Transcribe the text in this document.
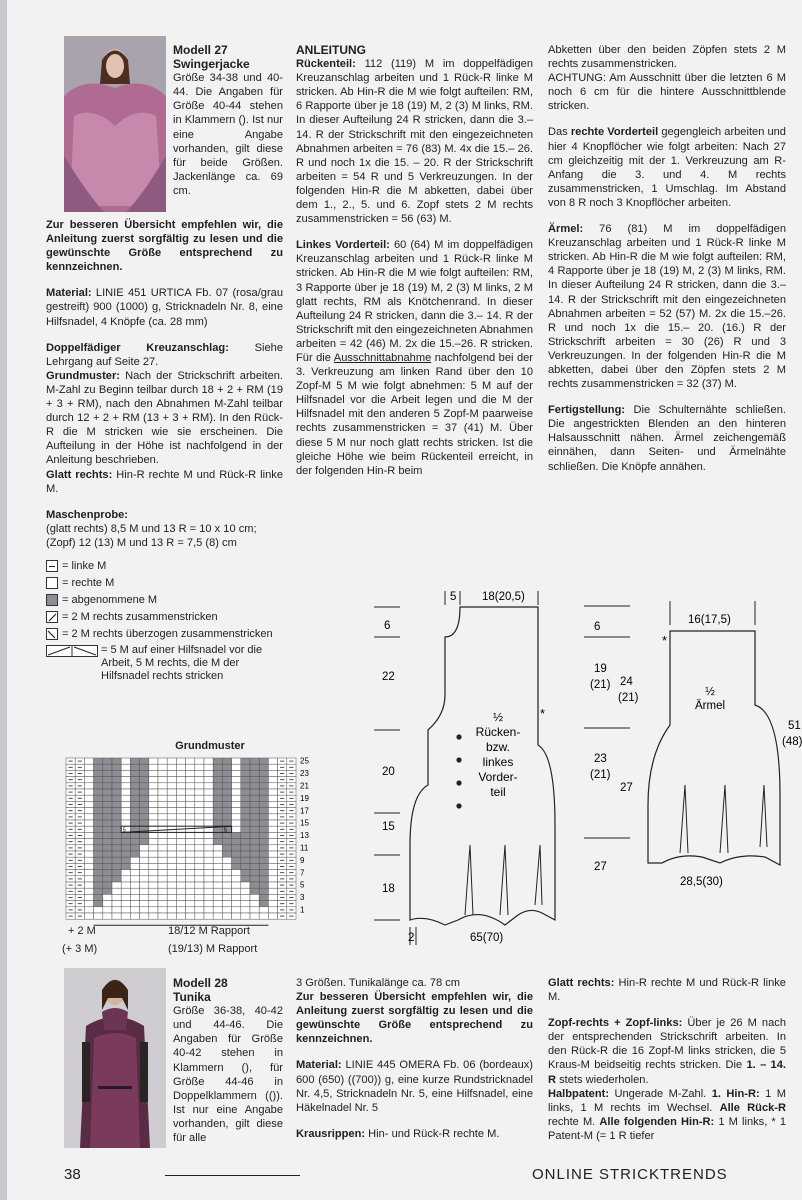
Modell 27
Swingerjacke
Größe 34-38 und 40-44. Die Angaben für Größe 40-44 stehen in Klammern (). Ist nur eine Angabe vorhanden, gilt diese für beide Größen. Jackenlänge ca. 69 cm.

Zur besseren Übersicht empfehlen wir, die Anleitung zuerst sorgfältig zu lesen und die gewünschte Größe entsprechend zu kennzeichnen.

Material: LINIE 451 URTICA Fb. 07 (rosa/grau gestreift) 900 (1000) g, Stricknadeln Nr. 8, eine Hilfsnadel, 4 Knöpfe (ca. 28 mm)

Doppelfädiger Kreuzanschlag: Siehe Lehrgang auf Seite 27.

Grundmuster: Nach der Strickschrift arbeiten. M-Zahl zu Beginn teilbar durch 18 + 2 + RM (19 + 3 + RM), nach den Abnahmen M-Zahl teilbar durch 12 + 2 + RM (13 + 3 + RM). In den Rück-R die M stricken wie sie erscheinen. Die Aufteilung in der Höhe ist nachfolgend in der Anleitung beschrieben.

Glatt rechts: Hin-R rechte M und Rück-R linke M.

Maschenprobe:
(glatt rechts) 8,5 M und 13 R = 10 x 10 cm; (Zopf) 12 (13) M und 13 R = 7,5 (8) cm

= linke M
= rechte M
= abgenommene M
= 2 M rechts zusammenstricken
= 2 M rechts überzogen zusammenstricken
= 5 M auf einer Hilfsnadel vor die Arbeit, 5 M rechts, die M der Hilfsnadel rechts stricken
Grundmuster
5	5
25
23
21
19
17
15
13
11
9
7
5
3
1
+ 2 M	18/12 M Rapport
(+ 3 M)	(19/13) M Rapport
ANLEITUNG

Rückenteil: 112 (119) M im doppelfädigen Kreuzanschlag arbeiten und 1 Rück-R linke M stricken. Ab Hin-R die M wie folgt aufteilen: RM, 6 Rapporte über je 18 (19) M, 2 (3) M links, RM. In dieser Aufteilung 24 R stricken, dann die 3.– 14. R der Strickschrift mit den eingezeichneten Abnahmen arbeiten = 76 (83) M. 4x die 15.– 26. R und noch 1x die 15. – 20. R der Strickschrift arbeiten = 54 R und 5 Verkreuzungen. In der folgenden Hin-R die M abketten, dabei über dem 1., 2., 5. und 6. Zopf stets 2 M rechts zusammenstricken = 56 (63) M.

Linkes Vorderteil: 60 (64) M im doppelfädigen Kreuzanschlag arbeiten und 1 Rück-R linke M stricken. Ab Hin-R die M wie folgt aufteilen: RM, 3 Rapporte über je 18 (19) M, 2 (3) M links, 2 M glatt rechts, RM als Knötchenrand. In dieser Aufteilung 24 R stricken, dann die 3.– 14. R der Strickschrift mit den eingezeichneten Abnahmen arbeiten = 42 (46) M. 2x die 15.–26. R stricken. Für die Ausschnittabnahme nachfolgend bei der 3. Verkreuzung am linken Rand über den 10 Zopf-M 5 M wie folgt abnehmen: 5 M auf der Hilfsnadel vor die Arbeit legen und die M der Hilfsnadel mit den anderen 5 Zopf-M paarweise rechts zusammenstricken = 37 (41) M. Über diese 5 M nur noch glatt rechts stricken. Ist die gleiche Höhe wie beim Rückenteil erreicht, in der folgenden Hin-R beim

Abketten über den beiden Zöpfen stets 2 M rechts zusammenstricken.

ACHTUNG: Am Ausschnitt über die letzten 6 M noch 6 cm für die hintere Ausschnittblende stricken.

Das rechte Vorderteil gegengleich arbeiten und hier 4 Knopflöcher wie folgt arbeiten: Nach 27 cm gleichzeitig mit der 1. Verkreuzung am R-Anfang die 3. und 4. M rechts zusammenstricken, 1 Umschlag. Im Abstand von 8 R noch 3 Knopflöcher arbeiten.

Ärmel: 76 (81) M im doppelfädigen Kreuzanschlag arbeiten und 1 Rück-R linke M stricken. Ab Hin-R die M wie folgt aufteilen: RM, 4 Rapporte über je 18 (19) M, 2 (3) M links, RM. In dieser Aufteilung 24 R stricken, dann die 3.– 14. R der Strickschrift mit den eingezeichneten Abnahmen arbeiten = 52 (57) M. 2x die 15.–26. R und noch 1x die 15.– 20. (16.) R der Strickschrift arbeiten = 30 (26) R und 3 Verkreuzungen. In der folgenden Hin-R die M abketten, dabei über den Zöpfen stets 2 M rechts zusammenstricken = 32 (37) M.

Fertigstellung: Die Schulternähte schließen. Die angestrickten Blenden an den hinteren Halsausschnitt nähen. Ärmel zeichengemäß einnähen, dann Seiten- und Ärmelnähte schließen. Die Knöpfe annähen.

5 18(20,5)
6
22
20
15
18
*
½
Rücken-
bzw.
linkes
Vorder-
teil
2	65(70)
6
19
(21)
23
(21)
27
16(17,5)
*
½
Ärmel
24
(21)
27
51
(48)
28,5(30)
Modell 28
Tunika
Größe 36-38, 40-42 und 44-46. Die Angaben für Größe 40-42 stehen in Klammern (), für Größe 44-46 in Doppelklammern (()). Ist nur eine Angabe vorhanden, gilt diese für alle

3 Größen. Tunikalänge ca. 78 cm

Zur besseren Übersicht empfehlen wir, die Anleitung zuerst sorgfältig zu lesen und die gewünschte Größe entsprechend zu kennzeichnen.

Material: LINIE 445 OMERA Fb. 06 (bordeaux) 600 (650) ((700)) g, eine kurze Rundstricknadel Nr. 4,5, Stricknadeln Nr. 5, eine Hilfsnadel, eine Häkelnadel Nr. 5

Krausrippen: Hin- und Rück-R rechte M.

Glatt rechts: Hin-R rechte M und Rück-R linke M.

Zopf-rechts + Zopf-links: Über je 26 M nach der entsprechenden Strickschrift arbeiten. In den Rück-R die 16 Zopf-M links stricken, die 5 Kraus-M beidseitig rechts stricken. Die 1. – 14. R stets wiederholen.

Halbpatent: Ungerade M-Zahl. 1. Hin-R: 1 M links, 1 M rechts im Wechsel. Alle Rück-R rechte M. Alle folgenden Hin-R: 1 M links, * 1 Patent-M (= 1 R tiefer

38	ONLINE STRICKTRENDS
